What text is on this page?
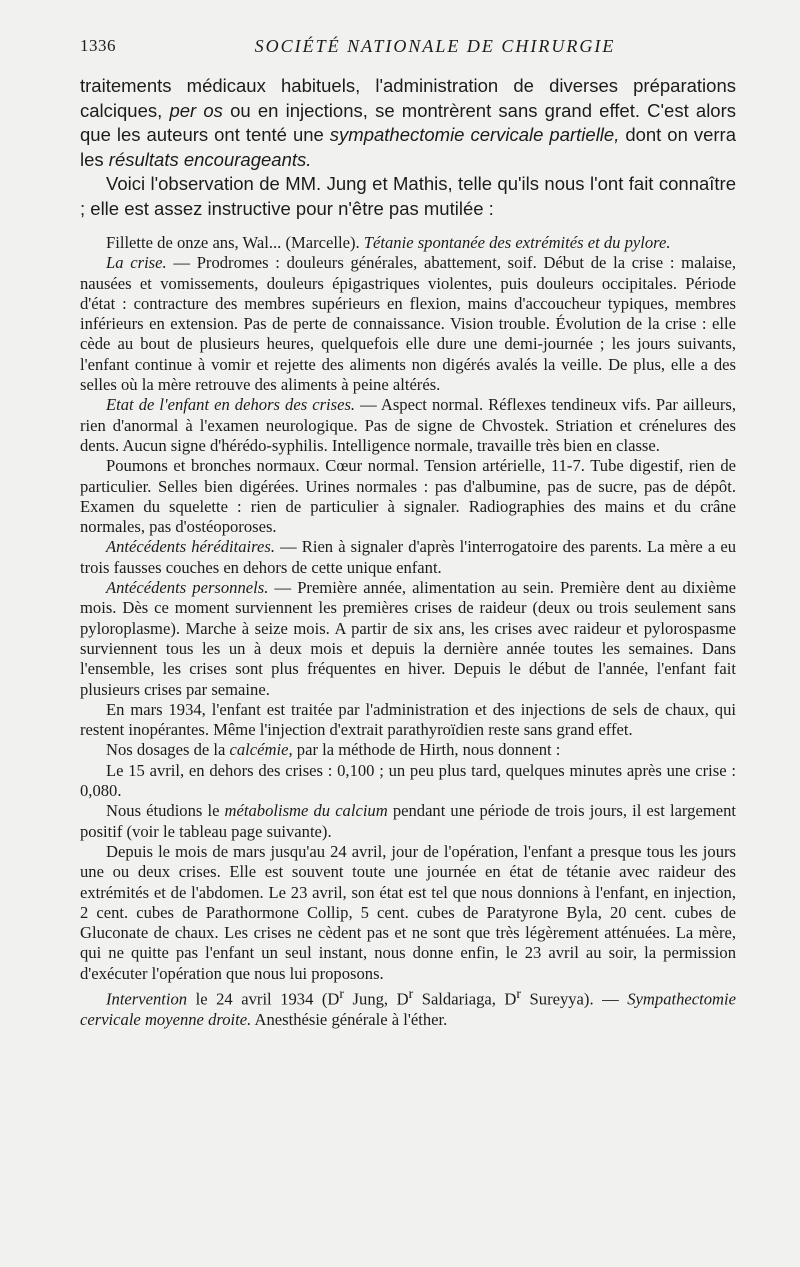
1336	SOCIÉTÉ NATIONALE DE CHIRURGIE

traitements médicaux habituels, l'administration de diverses préparations calciques, per os ou en injections, se montrèrent sans grand effet. C'est alors que les auteurs ont tenté une sympathectomie cervicale partielle, dont on verra les résultats encourageants.

Voici l'observation de MM. Jung et Mathis, telle qu'ils nous l'ont fait connaître ; elle est assez instructive pour n'être pas mutilée :

Fillette de onze ans, Wal... (Marcelle). Tétanie spontanée des extrémités et du pylore.

La crise. — Prodromes : douleurs générales, abattement, soif. Début de la crise : malaise, nausées et vomissements, douleurs épigastriques violentes, puis douleurs occipitales. Période d'état : contracture des membres supérieurs en flexion, mains d'accoucheur typiques, membres inférieurs en extension. Pas de perte de connaissance. Vision trouble. Évolution de la crise : elle cède au bout de plusieurs heures, quelquefois elle dure une demi-journée ; les jours suivants, l'enfant continue à vomir et rejette des aliments non digérés avalés la veille. De plus, elle a des selles où la mère retrouve des aliments à peine altérés.

Etat de l'enfant en dehors des crises. — Aspect normal. Réflexes tendineux vifs. Par ailleurs, rien d'anormal à l'examen neurologique. Pas de signe de Chvostek. Striation et crénelures des dents. Aucun signe d'hérédo-syphilis. Intelligence normale, travaille très bien en classe.

Poumons et bronches normaux. Cœur normal. Tension artérielle, 11-7. Tube digestif, rien de particulier. Selles bien digérées. Urines normales : pas d'albumine, pas de sucre, pas de dépôt. Examen du squelette : rien de particulier à signaler. Radiographies des mains et du crâne normales, pas d'ostéoporoses.

Antécédents héréditaires. — Rien à signaler d'après l'interrogatoire des parents. La mère a eu trois fausses couches en dehors de cette unique enfant.

Antécédents personnels. — Première année, alimentation au sein. Première dent au dixième mois. Dès ce moment surviennent les premières crises de raideur (deux ou trois seulement sans pyloroplasme). Marche à seize mois. A partir de six ans, les crises avec raideur et pylorospasme surviennent tous les un à deux mois et depuis la dernière année toutes les semaines. Dans l'ensemble, les crises sont plus fréquentes en hiver. Depuis le début de l'année, l'enfant fait plusieurs crises par semaine.

En mars 1934, l'enfant est traitée par l'administration et des injections de sels de chaux, qui restent inopérantes. Même l'injection d'extrait parathyroïdien reste sans grand effet.

Nos dosages de la calcémie, par la méthode de Hirth, nous donnent :

Le 15 avril, en dehors des crises : 0,100 ; un peu plus tard, quelques minutes après une crise : 0,080.

Nous étudions le métabolisme du calcium pendant une période de trois jours, il est largement positif (voir le tableau page suivante).

Depuis le mois de mars jusqu'au 24 avril, jour de l'opération, l'enfant a presque tous les jours une ou deux crises. Elle est souvent toute une journée en état de tétanie avec raideur des extrémités et de l'abdomen. Le 23 avril, son état est tel que nous donnions à l'enfant, en injection, 2 cent. cubes de Parathormone Collip, 5 cent. cubes de Paratyrone Byla, 20 cent. cubes de Gluconate de chaux. Les crises ne cèdent pas et ne sont que très légèrement atténuées. La mère, qui ne quitte pas l'enfant un seul instant, nous donne enfin, le 23 avril au soir, la permission d'exécuter l'opération que nous lui proposons.

Intervention le 24 avril 1934 ($D^r$ Jung, $D^r$ Saldariaga, $D^r$ Sureyya). — Sympathectomie cervicale moyenne droite. Anesthésie générale à l'éther.
